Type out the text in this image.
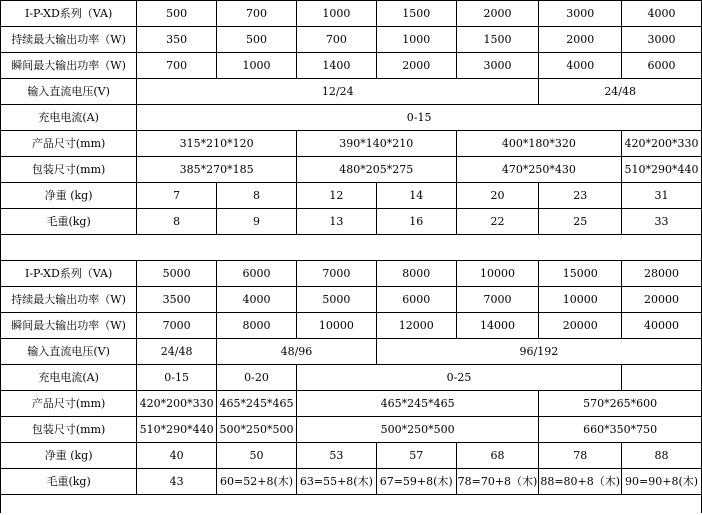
I-P-XD系列（VA)	500	700	1000	1500	2000	3000	4000
持续最大输出功率（W)	350	500	700	1000	1500	2000	3000
瞬间最大输出功率（W)	700	1000	1400	2000	3000	4000	6000
输入直流电压(V)	12/24					24/48	
充电电流(A)	0-15						
产品尺寸(mm)	315*210*120		390*140*210		400*180*320		420*200*330
包装尺寸(mm)	385*270*185		480*205*275		470*250*430		510*290*440
净重 (kg)	7	8	12	14	20	23	31
毛重(kg)	8	9	13	16	22	25	33

I-P-XD系列（VA)	5000	6000	7000	8000	10000	15000	28000
持续最大输出功率（W)	3500	4000	5000	6000	7000	10000	20000
瞬间最大输出功率（W)	7000	8000	10000	12000	14000	20000	40000
输入直流电压(V)	24/48	48/96		96/192			
充电电流(A)	0-15	0-20	0-25				
产品尺寸(mm)	420*200*330	465*245*465	465*245*465			570*265*600	
包装尺寸(mm)	510*290*440	500*250*500	500*250*500			660*350*750	
净重 (kg)	40	50	53	57	68	78	88
毛重(kg)	43	60=52+8(木)	63=55+8(木)	67=59+8(木)	78=70+8（木)	88=80+8（木)	90=90+8(木)
